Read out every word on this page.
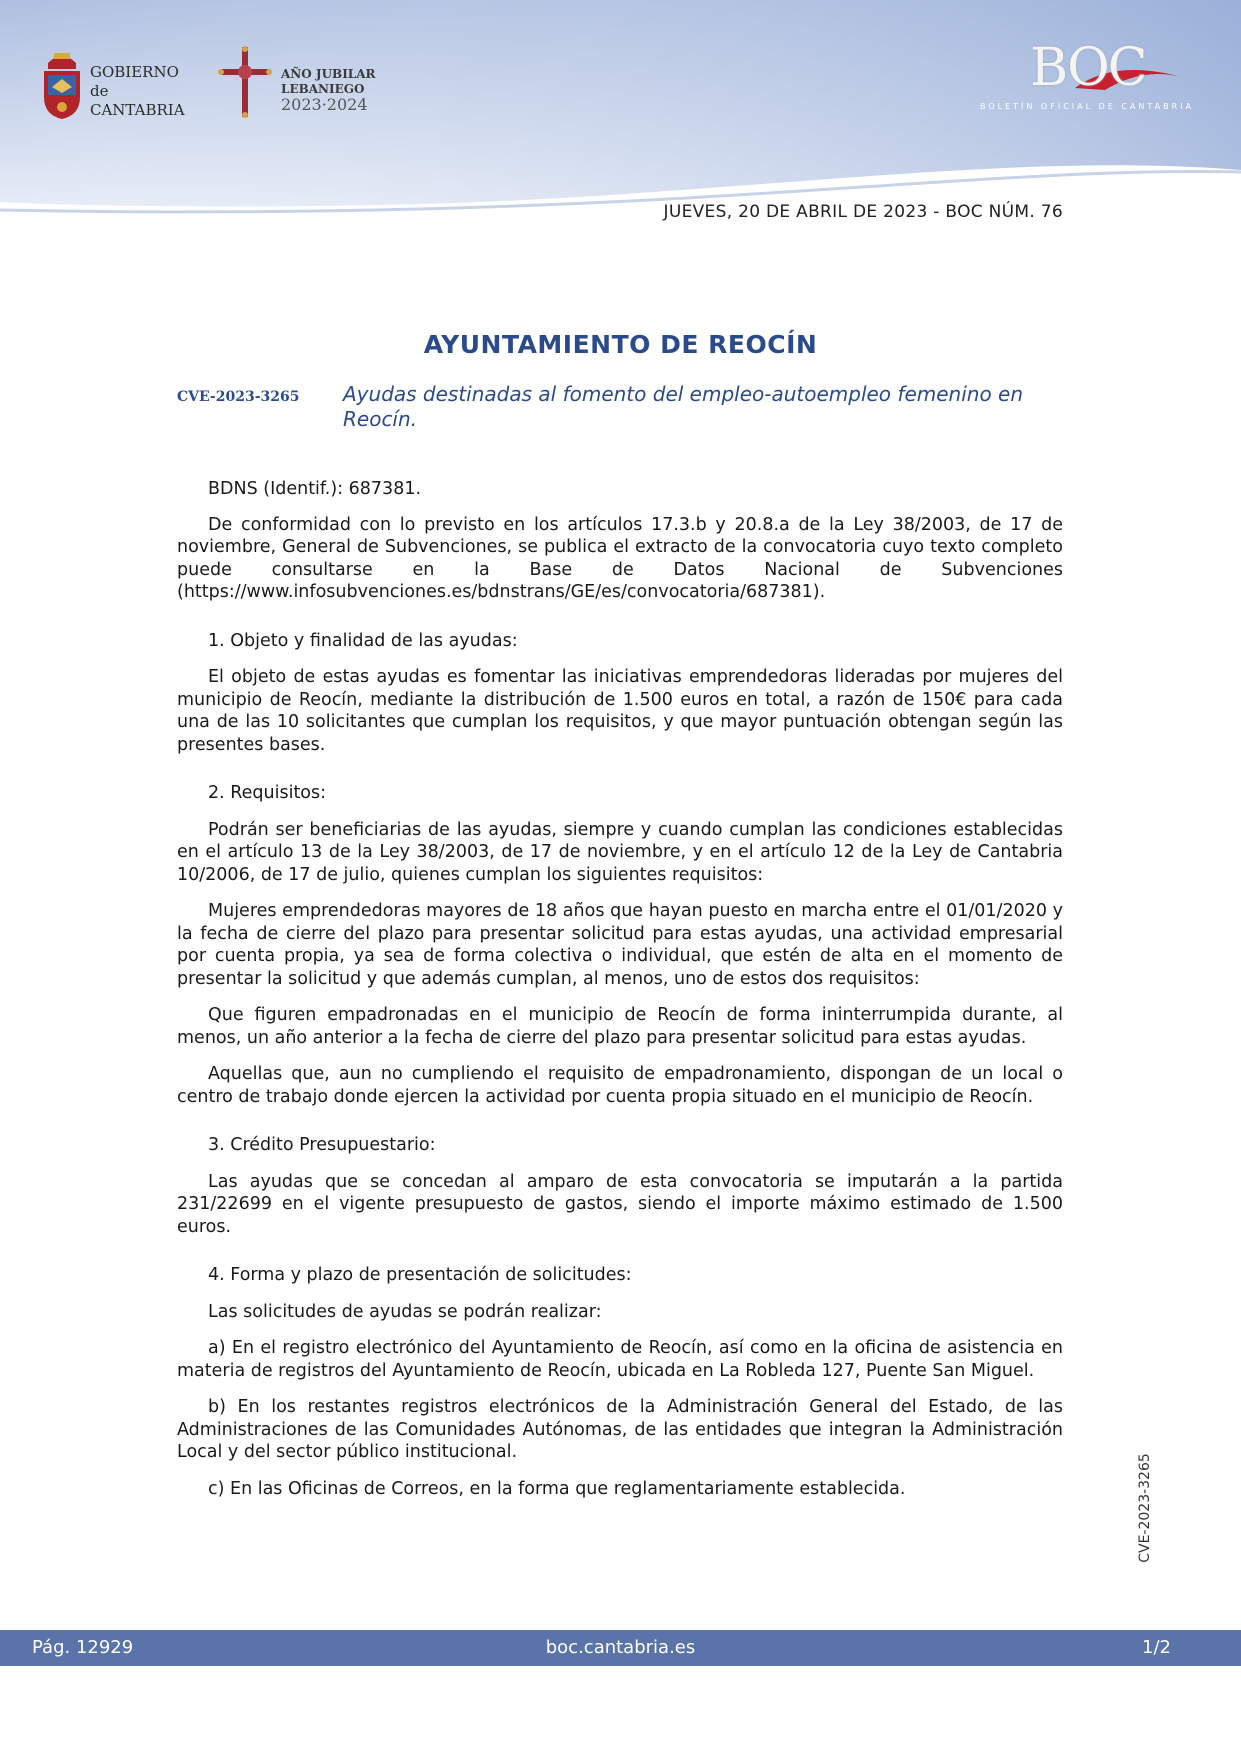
GOBIERNO
de
CANTABRIA
AÑO JUBILAR
LEBANIEGO
2023·2024
BOC
BOLETÍN OFICIAL DE CANTABRIA
JUEVES, 20 DE ABRIL DE 2023 - BOC NÚM. 76
AYUNTAMIENTO DE REOCÍN
CVE-2023-3265 Ayudas destinadas al fomento del empleo-autoempleo femenino en Reocín.

BDNS (Identif.): 687381.

De conformidad con lo previsto en los artículos 17.3.b y 20.8.a de la Ley 38/2003, de 17 de noviembre, General de Subvenciones, se publica el extracto de la convocatoria cuyo texto completo puede consultarse en la Base de Datos Nacional de Subvenciones (https://www.infosubvenciones.es/bdnstrans/GE/es/convocatoria/687381).

1. Objeto y finalidad de las ayudas:

El objeto de estas ayudas es fomentar las iniciativas emprendedoras lideradas por mujeres del municipio de Reocín, mediante la distribución de 1.500 euros en total, a razón de 150€ para cada una de las 10 solicitantes que cumplan los requisitos, y que mayor puntuación obtengan según las presentes bases.

2. Requisitos:

Podrán ser beneficiarias de las ayudas, siempre y cuando cumplan las condiciones establecidas en el artículo 13 de la Ley 38/2003, de 17 de noviembre, y en el artículo 12 de la Ley de Cantabria 10/2006, de 17 de julio, quienes cumplan los siguientes requisitos:

Mujeres emprendedoras mayores de 18 años que hayan puesto en marcha entre el 01/01/2020 y la fecha de cierre del plazo para presentar solicitud para estas ayudas, una actividad empresarial por cuenta propia, ya sea de forma colectiva o individual, que estén de alta en el momento de presentar la solicitud y que además cumplan, al menos, uno de estos dos requisitos:

Que figuren empadronadas en el municipio de Reocín de forma ininterrumpida durante, al menos, un año anterior a la fecha de cierre del plazo para presentar solicitud para estas ayudas.

Aquellas que, aun no cumpliendo el requisito de empadronamiento, dispongan de un local o centro de trabajo donde ejercen la actividad por cuenta propia situado en el municipio de Reocín.

3. Crédito Presupuestario:

Las ayudas que se concedan al amparo de esta convocatoria se imputarán a la partida 231/22699 en el vigente presupuesto de gastos, siendo el importe máximo estimado de 1.500 euros.

4. Forma y plazo de presentación de solicitudes:

Las solicitudes de ayudas se podrán realizar:

a) En el registro electrónico del Ayuntamiento de Reocín, así como en la oficina de asistencia en materia de registros del Ayuntamiento de Reocín, ubicada en La Robleda 127, Puente San Miguel.

b) En los restantes registros electrónicos de la Administración General del Estado, de las Administraciones de las Comunidades Autónomas, de las entidades que integran la Administración Local y del sector público institucional.

c) En las Oficinas de Correos, en la forma que reglamentariamente establecida.	CVE-2023-3265
Pág. 12929	boc.cantabria.es	1/2
